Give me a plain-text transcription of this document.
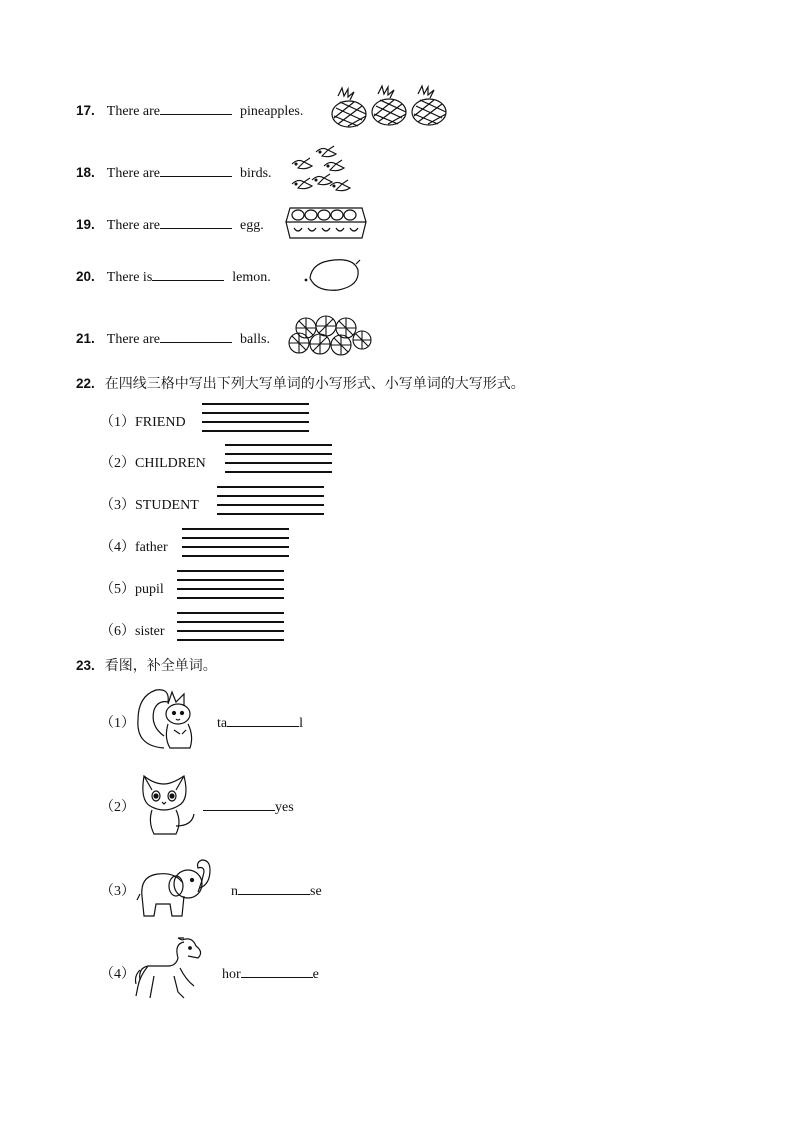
17. There are	pineapples.
18. There are	birds.
19. There are	egg.
20. There is	lemon.
21. There are	balls.
22. 在四线三格中写出下列大写单词的小写形式、小写单词的大写形式。
（1）FRIEND
（2）CHILDREN
（3）STUDENT
（4）father
（5）pupil
（6）sister
23. 看图，补全单词。
（1）	ta	l
（2）	yes
（3）	n	se
（4）	hor	e
